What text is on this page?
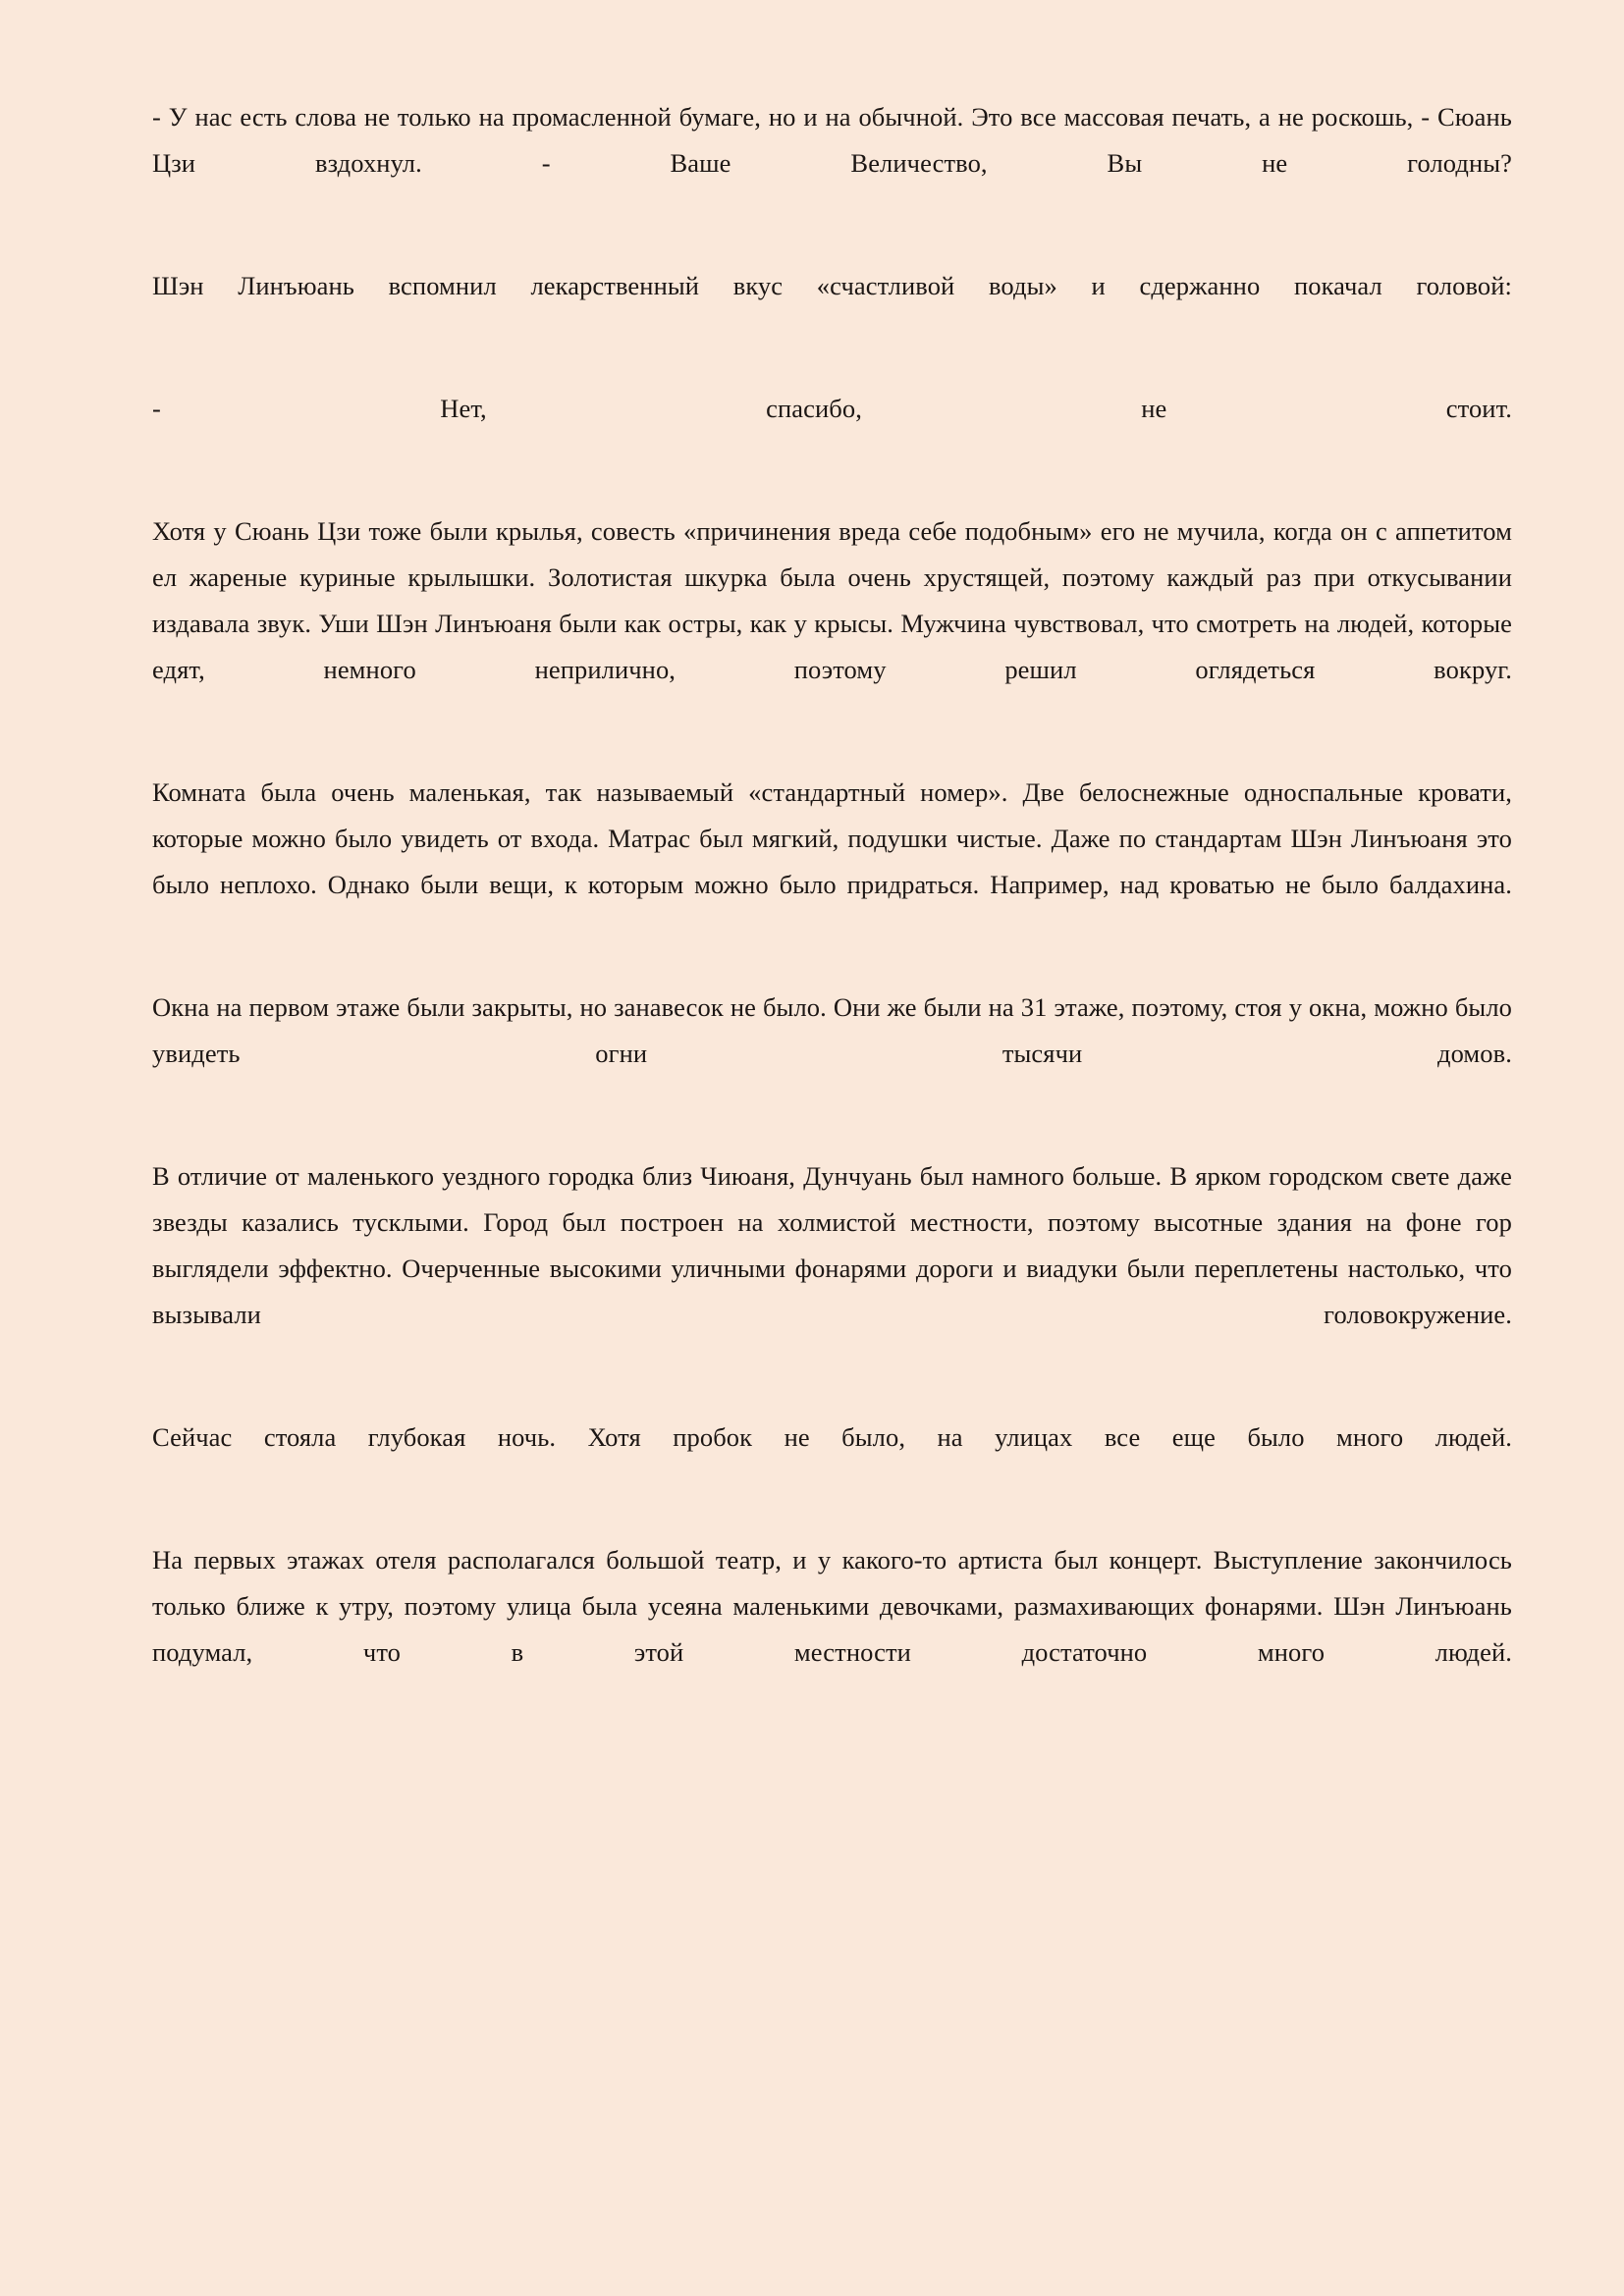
- У нас есть слова не только на промасленной бумаге, но и на обычной. Это все массовая печать, а не роскошь, - Сюань Цзи вздохнул. - Ваше Величество, Вы не голодны?

Шэн Линъюань вспомнил лекарственный вкус «счастливой воды» и сдержанно покачал головой:

- Нет, спасибо, не стоит.

Хотя у Сюань Цзи тоже были крылья, совесть «причинения вреда себе подобным» его не мучила, когда он с аппетитом ел жареные куриные крылышки. Золотистая шкурка была очень хрустящей, поэтому каждый раз при откусывании издавала звук. Уши Шэн Линъюаня были как остры, как у крысы. Мужчина чувствовал, что смотреть на людей, которые едят, немного неприлично, поэтому решил оглядеться вокруг.

Комната была очень маленькая, так называемый «стандартный номер». Две белоснежные односпальные кровати, которые можно было увидеть от входа. Матрас был мягкий, подушки чистые. Даже по стандартам Шэн Линъюаня это было неплохо. Однако были вещи, к которым можно было придраться. Например, над кроватью не было балдахина.

Окна на первом этаже были закрыты, но занавесок не было. Они же были на 31 этаже, поэтому, стоя у окна, можно было увидеть огни тысячи домов.

В отличие от маленького уездного городка близ Чиюаня, Дунчуань был намного больше. В ярком городском свете даже звезды казались тусклыми. Город был построен на холмистой местности, поэтому высотные здания на фоне гор выглядели эффектно. Очерченные высокими уличными фонарями дороги и виадуки были переплетены настолько, что вызывали головокружение.

Сейчас стояла глубокая ночь. Хотя пробок не было, на улицах все еще было много людей.

На первых этажах отеля располагался большой театр, и у какого-то артиста был концерт. Выступление закончилось только ближе к утру, поэтому улица была усеяна маленькими девочками, размахивающих фонарями. Шэн Линъюань подумал, что в этой местности достаточно много людей.
